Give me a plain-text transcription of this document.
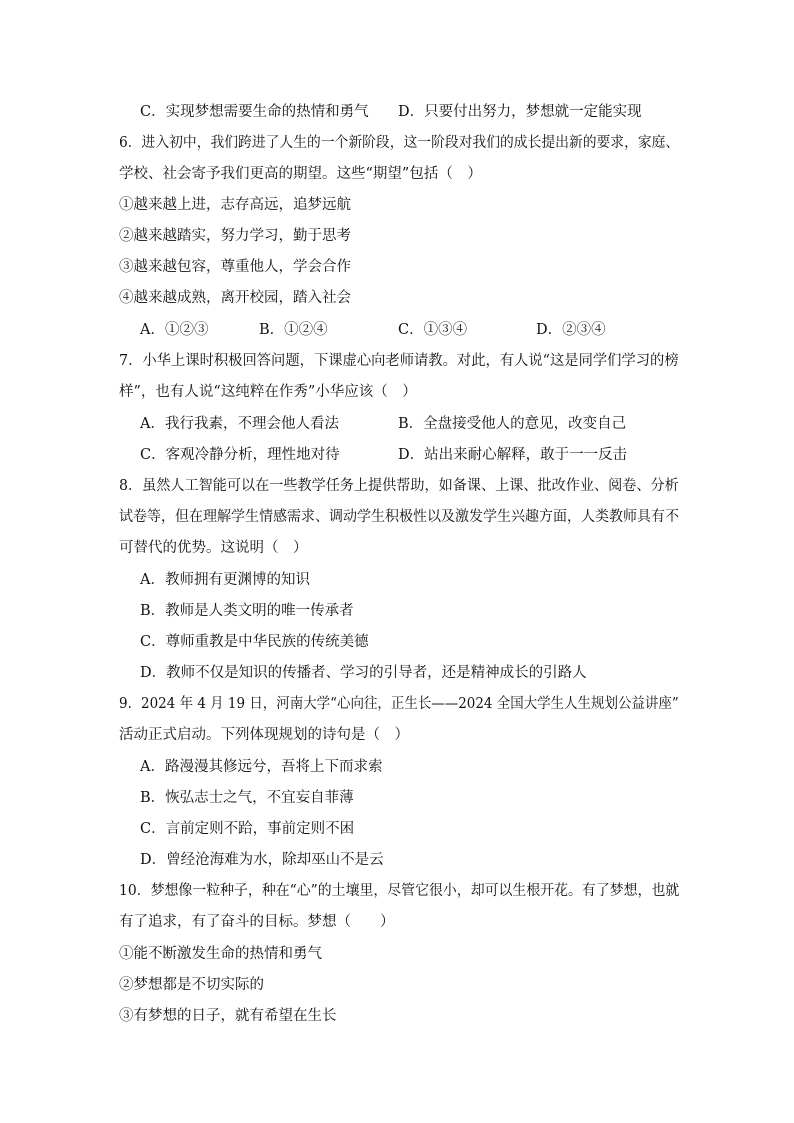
C．实现梦想需要生命的热情和勇气 D．只要付出努力，梦想就一定能实现
6．进入初中，我们跨进了人生的一个新阶段，这一阶段对我们的成长提出新的要求，家庭、
学校、社会寄予我们更高的期望。这些“期望”包括（　）
①越来越上进，志存高远，追梦远航
②越来越踏实，努力学习，勤于思考
③越来越包容，尊重他人，学会合作
④越来越成熟，离开校园，踏入社会
A．①②③	B．①②④	C．①③④	D．②③④
7．小华上课时积极回答问题，下课虚心向老师请教。对此，有人说“这是同学们学习的榜
样”，也有人说“这纯粹在作秀”小华应该（　）
A．我行我素，不理会他人看法	B．全盘接受他人的意见，改变自己
C．客观冷静分析，理性地对待	D．站出来耐心解释，敢于一一反击
8．虽然人工智能可以在一些教学任务上提供帮助，如备课、上课、批改作业、阅卷、分析
试卷等，但在理解学生情感需求、调动学生积极性以及激发学生兴趣方面，人类教师具有不
可替代的优势。这说明（　）
A．教师拥有更渊博的知识
B．教师是人类文明的唯一传承者
C．尊师重教是中华民族的传统美德
D．教师不仅是知识的传播者、学习的引导者，还是精神成长的引路人
9．2024 年 4 月 19 日，河南大学“心向往，正生长——2024 全国大学生人生规划公益讲座”
活动正式启动。下列体现规划的诗句是（　）
A．路漫漫其修远兮，吾将上下而求索
B．恢弘志士之气，不宜妄自菲薄
C．言前定则不跲，事前定则不困
D．曾经沧海难为水，除却巫山不是云
10．梦想像一粒种子，种在“心”的土壤里，尽管它很小，却可以生根开花。有了梦想，也就
有了追求，有了奋斗的目标。梦想（　　）
①能不断激发生命的热情和勇气
②梦想都是不切实际的
③有梦想的日子，就有希望在生长
